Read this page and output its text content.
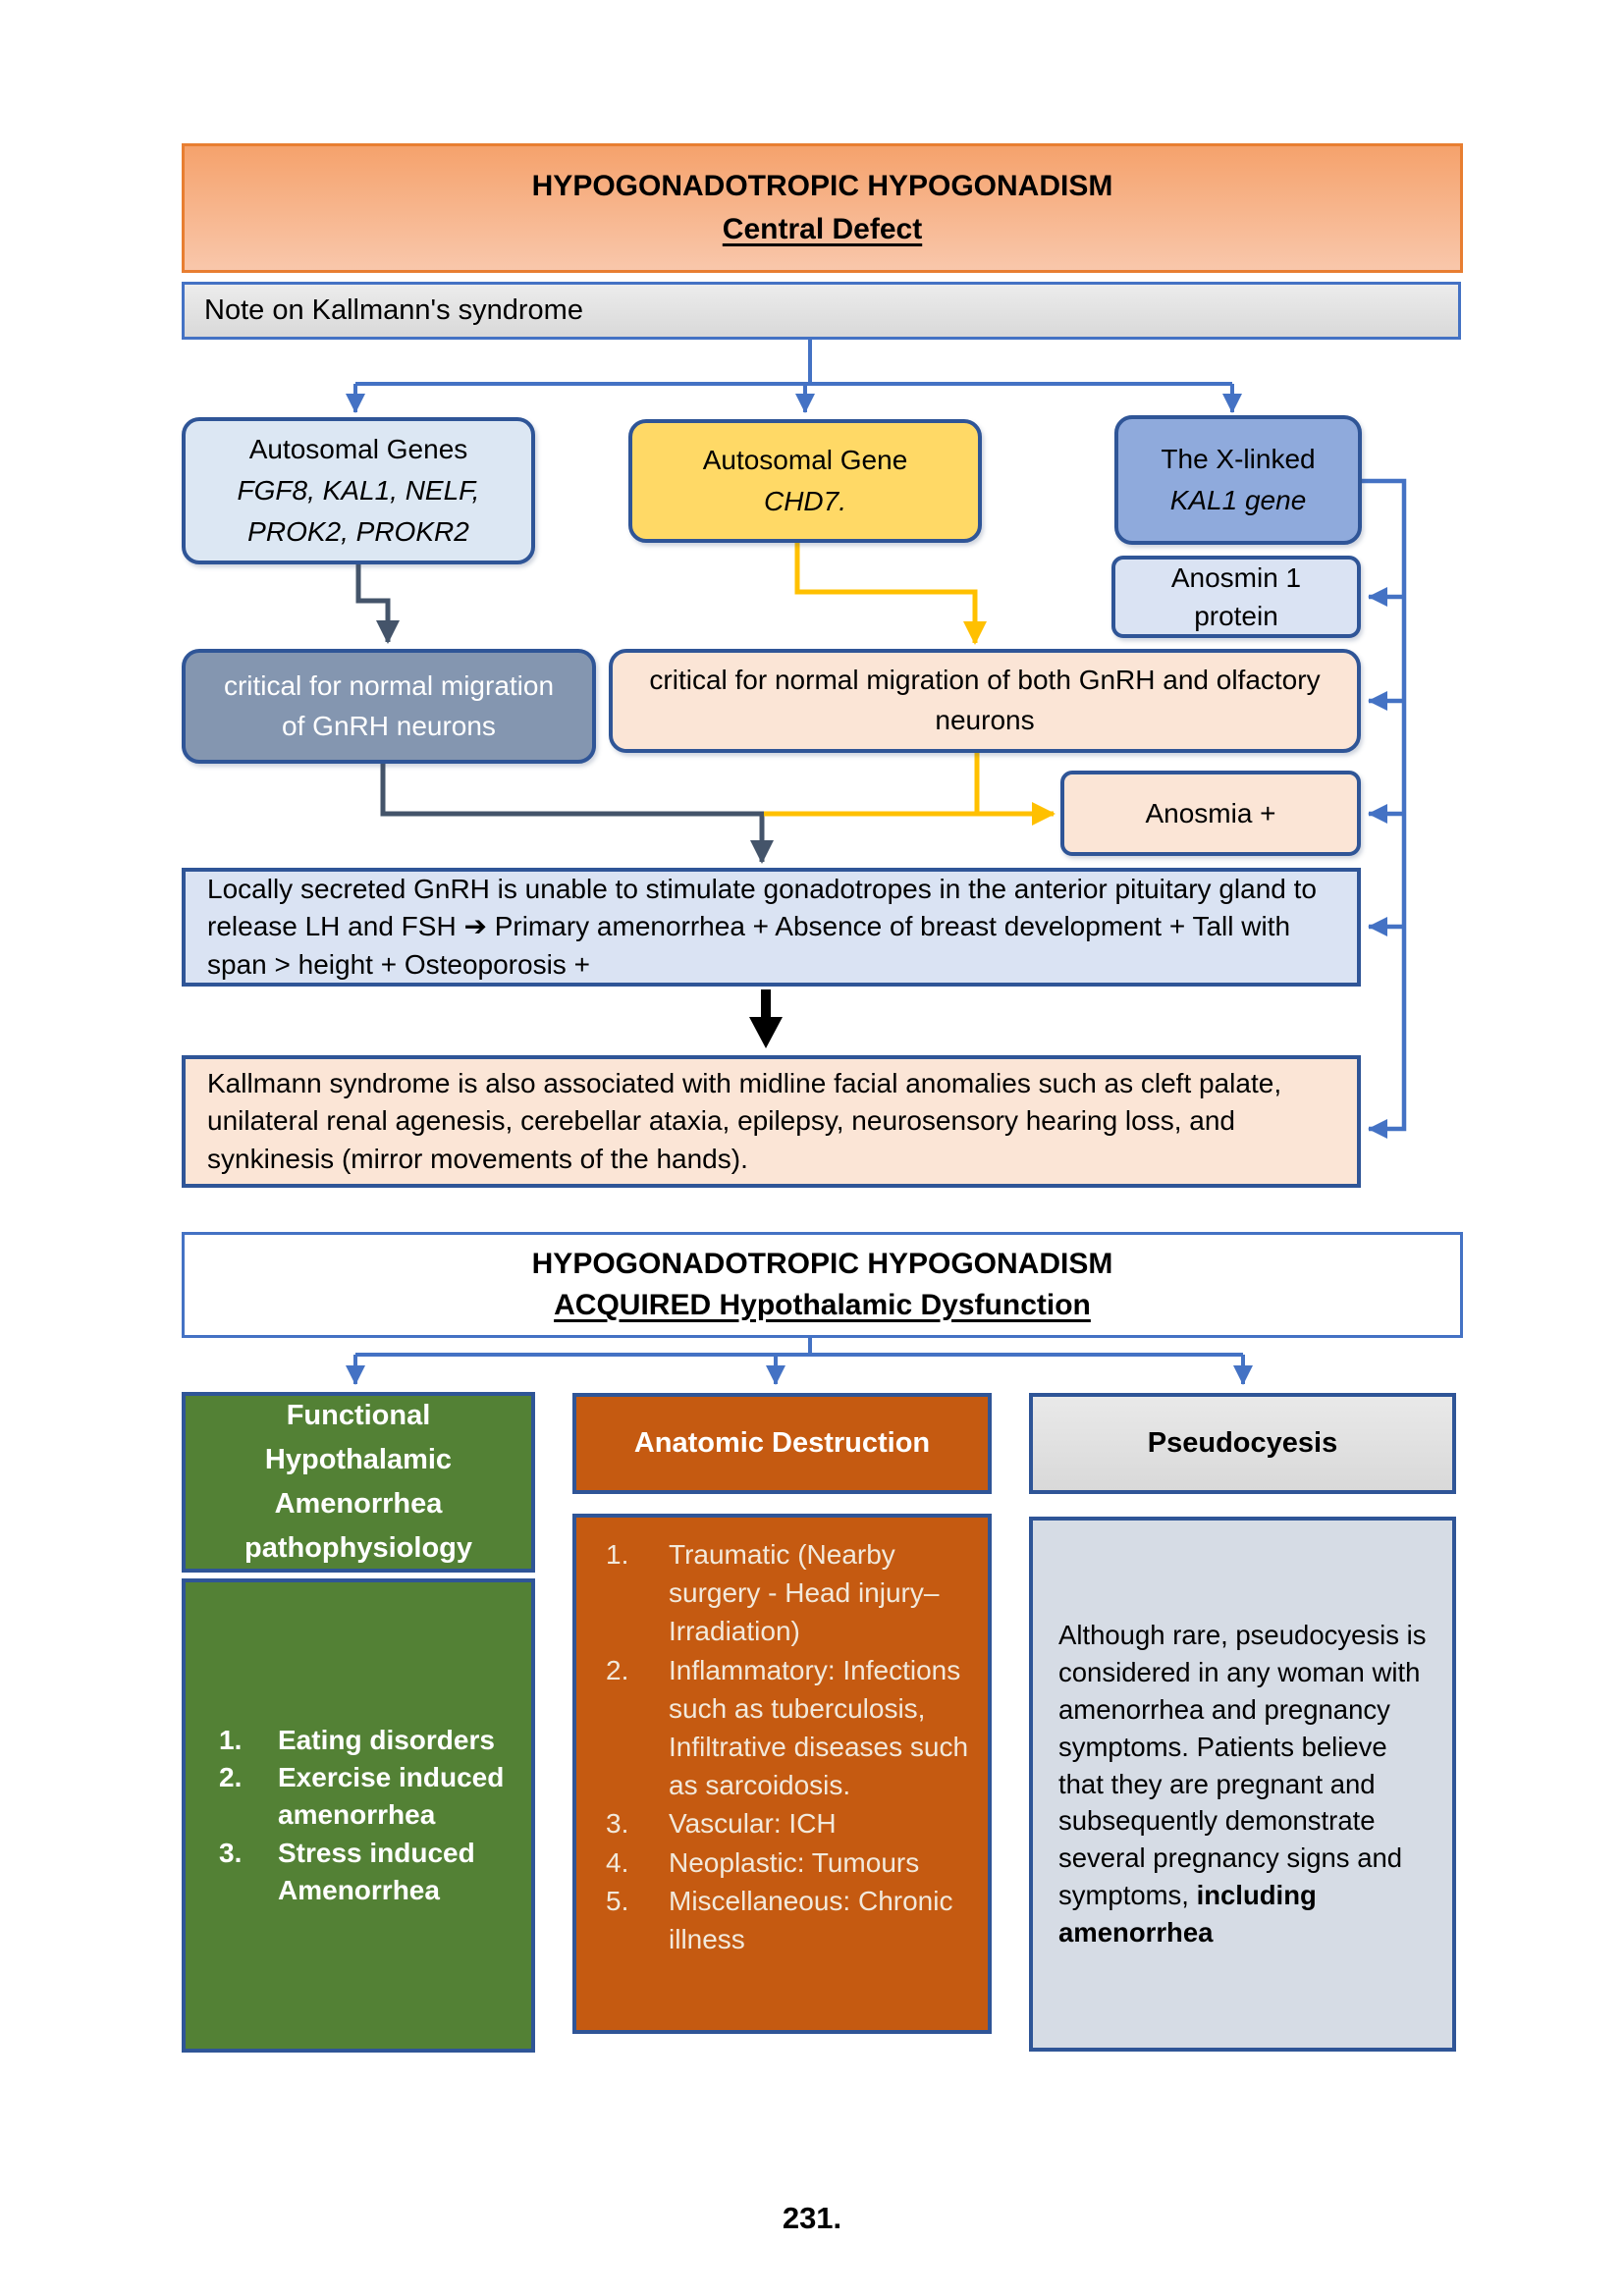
HYPOGONADOTROPIC HYPOGONADISM
Central Defect
Note on Kallmann's syndrome
Autosomal Genes
FGF8, KAL1, NELF,
PROK2, PROKR2
Autosomal Gene
CHD7.
The X-linked
KAL1 gene
Anosmin 1 protein
critical for normal migration of GnRH neurons
critical for normal migration of both GnRH and olfactory neurons
Anosmia +
Locally secreted GnRH is unable to stimulate gonadotropes in the anterior pituitary gland to release LH and FSH ➔ Primary amenorrhea + Absence of breast development + Tall with span > height + Osteoporosis +
Kallmann syndrome is also associated with midline facial anomalies such as cleft palate, unilateral renal agenesis, cerebellar ataxia, epilepsy, neurosensory hearing loss, and synkinesis (mirror movements of the hands).
HYPOGONADOTROPIC HYPOGONADISM
ACQUIRED Hypothalamic Dysfunction
Functional Hypothalamic Amenorrhea pathophysiology
1.	Eating disorders
2.	Exercise induced amenorrhea
3.	Stress induced Amenorrhea
Anatomic Destruction
1.	Traumatic (Nearby surgery - Head injury– Irradiation)
2.	Inflammatory: Infections such as tuberculosis, Infiltrative diseases such as sarcoidosis.
3.	Vascular: ICH
4.	Neoplastic: Tumours
5.	Miscellaneous: Chronic illness
Pseudocyesis

Although rare, pseudocyesis is considered in any woman with amenorrhea and pregnancy symptoms. Patients believe that they are pregnant and subsequently demonstrate several pregnancy signs and symptoms, including amenorrhea

231.
